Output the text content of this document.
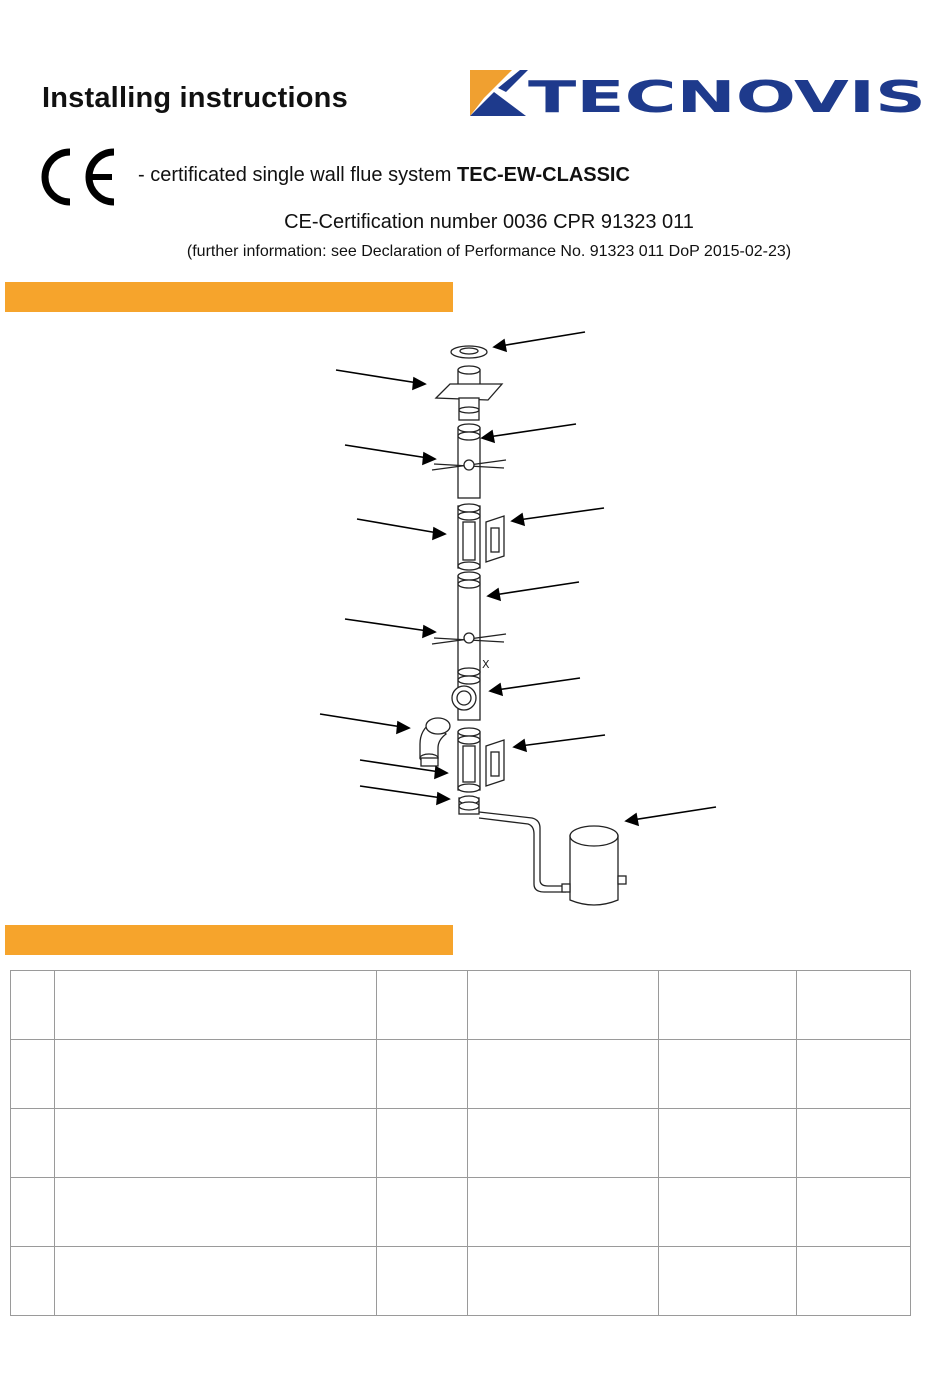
Installing instructions	TECNOVIS
- certificated single wall flue system TEC-EW-CLASSIC
CE-Certification number 0036 CPR 91323 011
(further information: see Declaration of Performance No. 91323 011 DoP 2015-02-23)
X
